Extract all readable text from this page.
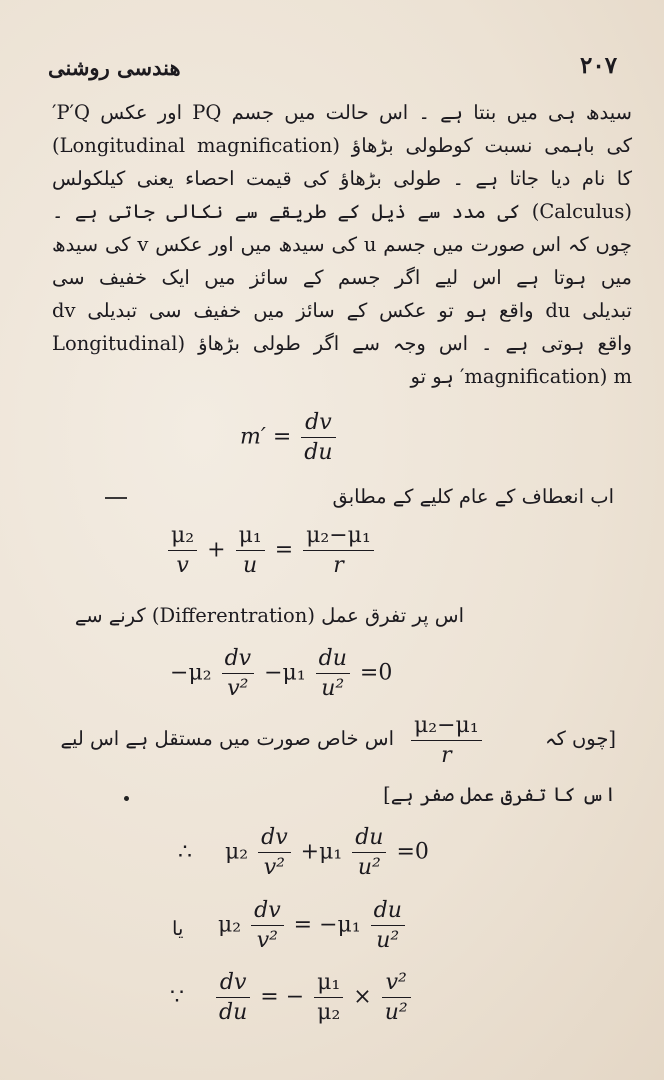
هندسی روشنی	۲۰۷
سیدھ ہی میں بنتا ہے ۔ اس حالت میں جسم PQ اور عکس P′Q′
کی باہمی نسبت کوطولی بڑھاؤ (Longitudinal magnification)
کا نام دیا جاتا ہے ۔ طولی بڑھاؤ کی قیمت احصاء یعنی کیلکولس
(Calculus) کی مدد سے ذیل کے طریقے سے نکالی جاتی ہے ۔
چوں کہ اس صورت میں جسم u کی سیدھ میں اور عکس v کی سیدھ
میں ہوتا ہے اس لیے اگر جسم کے سائز میں ایک خفیف سی
تبدیلی du واقع ہو تو عکس کے سائز میں خفیف سی تبدیلی dv
واقع ہوتی ہے ۔ اس وجہ سے اگر طولی بڑھاؤ (Longitudinal
magnification) m′ ہو تو
$m' = \frac{dv}{du}$
اب انعطاف کے عام کلیے کے مطابق
$\frac{\text{μ₂}}{v} + \frac{\text{μ₁}}{u} = \frac{\text{μ₂−μ₁}}{r}$
اس پر تفرق عمل (Differentration) کرنے سے
$-\mu_2 \frac{dv}{\text{v²}} -\mu_1 \frac{du}{\text{u²}} =0$
[چوں کہ
$\frac{\text{μ₂−μ₁}}{r}$
اس خاص صورت میں مستقل ہے اس لیے
اس کا تفرق عمل صفر ہے]
∴ $\mu_2 \frac{dv}{\text{v²}} +\mu_1 \frac{du}{\text{u²}} =0$
یا $\mu_2 \frac{dv}{\text{v²}} = -\mu_1 \frac{du}{\text{u²}}$
∵ $\frac{dv}{du}$ = − $\frac{\text{μ₁}}{\text{μ₂}} \times \frac{\text{v²}}{\text{u²}}$
